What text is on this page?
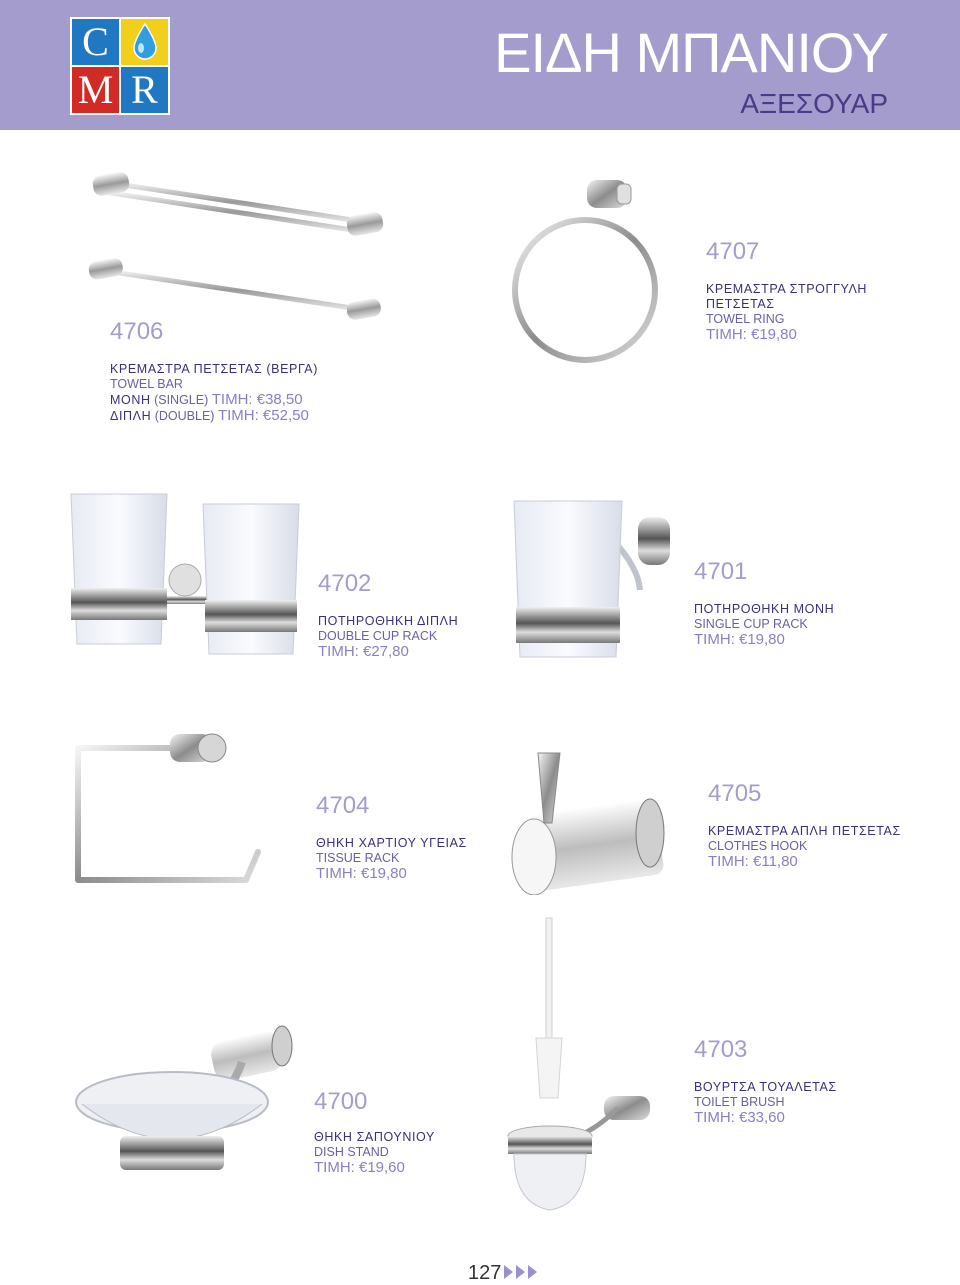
C
M R
ΕΙΔΗ ΜΠΑΝΙΟΥ
ΑΞΕΣΟΥΑΡ
4706
ΚΡΕΜΑΣΤΡΑ ΠΕΤΣΕΤΑΣ (ΒΕΡΓΑ)
TOWEL BAR
ΜΟΝΗ (SINGLE) ΤΙΜΗ: €38,50
ΔΙΠΛΗ (DOUBLE) ΤΙΜΗ: €52,50
4707
ΚΡΕΜΑΣΤΡΑ ΣΤΡΟΓΓΥΛΗ
ΠΕΤΣΕΤΑΣ
TOWEL RING
ΤΙΜΗ: €19,80
4702
ΠΟΤΗΡΟΘΗΚΗ ΔΙΠΛΗ
DOUBLE CUP RACK
ΤΙΜΗ: €27,80
4701
ΠΟΤΗΡΟΘΗΚΗ ΜΟΝΗ
SINGLE CUP RACK
ΤΙΜΗ: €19,80
4704
ΘΗΚΗ ΧΑΡΤΙΟΥ ΥΓΕΙΑΣ
TISSUE RACK
ΤΙΜΗ: €19,80
4705
ΚΡΕΜΑΣΤΡΑ ΑΠΛΗ ΠΕΤΣΕΤΑΣ
CLOTHES HOOK
ΤΙΜΗ: €11,80
4700
ΘΗΚΗ ΣΑΠΟΥΝΙΟΥ
DISH STAND
ΤΙΜΗ: €19,60
4703
ΒΟΥΡΤΣΑ ΤΟΥΑΛΕΤΑΣ
TOILET BRUSH
ΤΙΜΗ: €33,60
127
